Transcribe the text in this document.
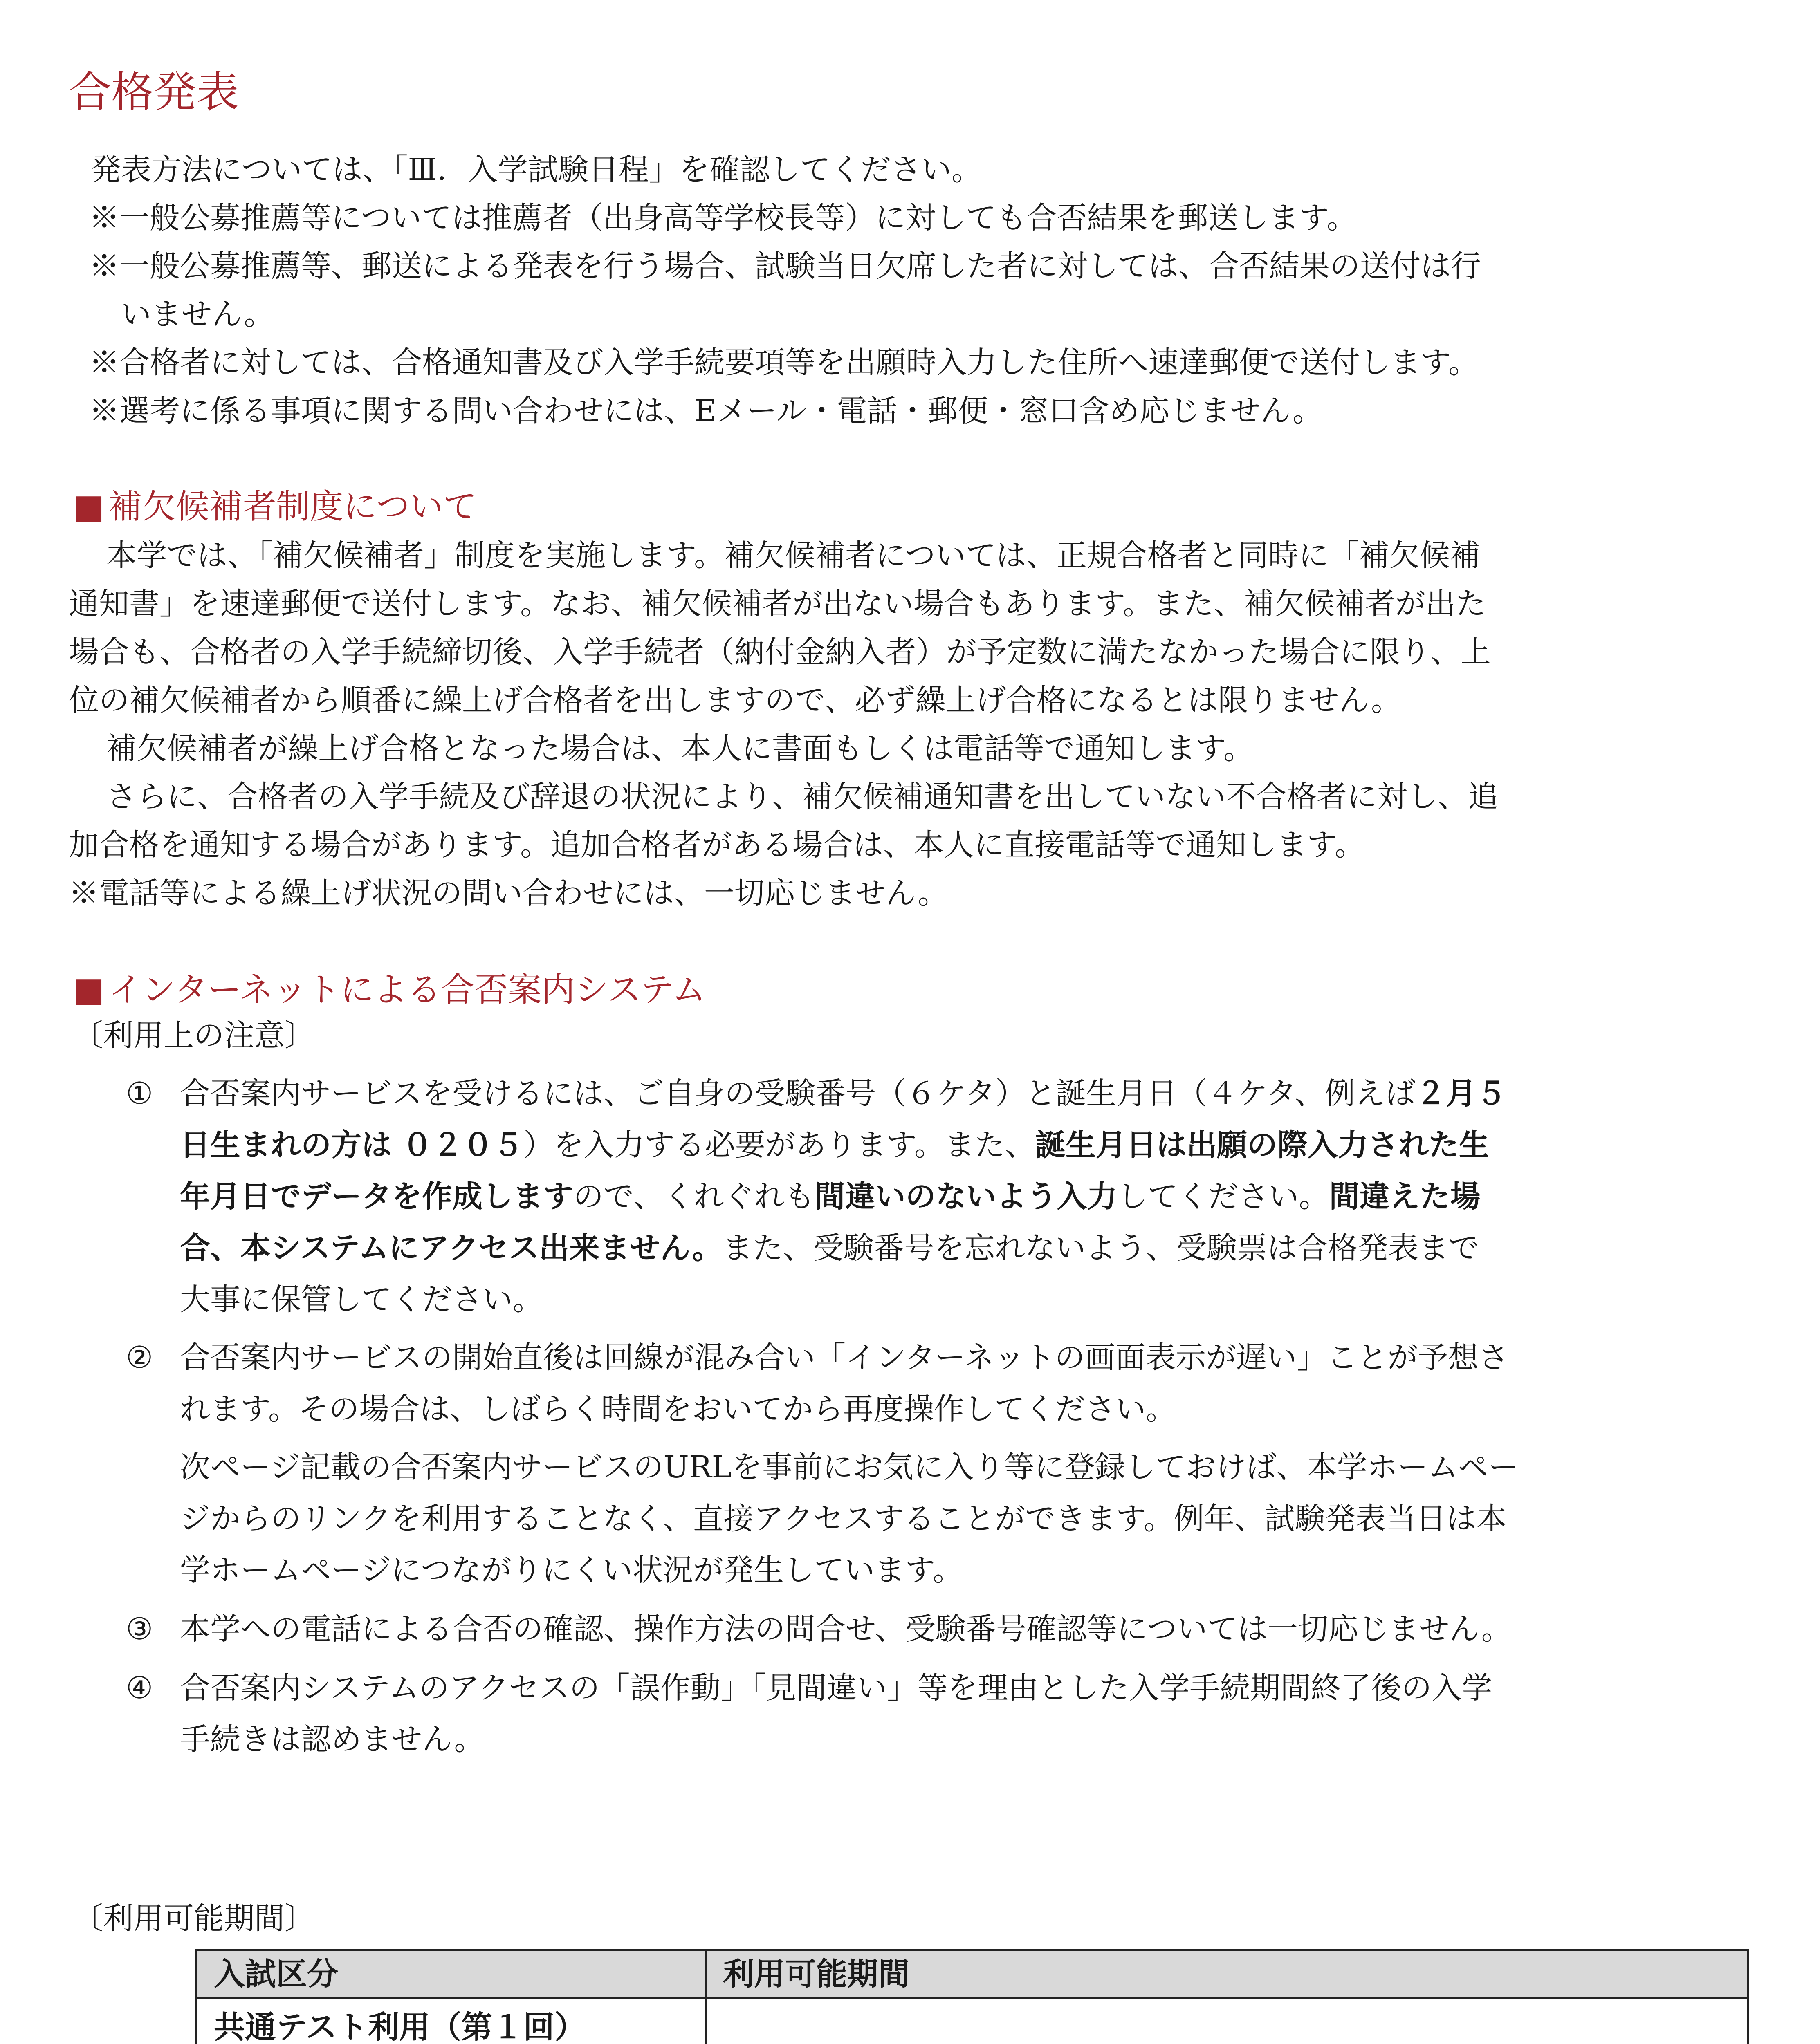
合格発表
発表方法については、「Ⅲ．入学試験日程」を確認してください。
※一般公募推薦等については推薦者（出身高等学校長等）に対しても合否結果を郵送します。
※一般公募推薦等、郵送による発表を行う場合、試験当日欠席した者に対しては、合否結果の送付は行
いません。
※合格者に対しては、合格通知書及び入学手続要項等を出願時入力した住所へ速達郵便で送付します。
※選考に係る事項に関する問い合わせには、Eメール・電話・郵便・窓口含め応じません。
■ 補欠候補者制度について
本学では、「補欠候補者」制度を実施します。補欠候補者については、正規合格者と同時に「補欠候補
通知書」を速達郵便で送付します。なお、補欠候補者が出ない場合もあります。また、補欠候補者が出た
場合も、合格者の入学手続締切後、入学手続者（納付金納入者）が予定数に満たなかった場合に限り、上
位の補欠候補者から順番に繰上げ合格者を出しますので、必ず繰上げ合格になるとは限りません。
補欠候補者が繰上げ合格となった場合は、本人に書面もしくは電話等で通知します。
さらに、合格者の入学手続及び辞退の状況により、補欠候補通知書を出していない不合格者に対し、追
加合格を通知する場合があります。追加合格者がある場合は、本人に直接電話等で通知します。
※電話等による繰上げ状況の問い合わせには、一切応じません。
■ インターネットによる合否案内システム
〔利用上の注意〕
① 合否案内サービスを受けるには、ご自身の受験番号（６ケタ）と誕生月日（４ケタ、例えば２月５
日生まれの方は ０２０５）を入力する必要があります。また、誕生月日は出願の際入力された生
年月日でデータを作成しますので、くれぐれも間違いのないよう入力してください。間違えた場
合、本システムにアクセス出来ません。また、受験番号を忘れないよう、受験票は合格発表まで
大事に保管してください。
② 合否案内サービスの開始直後は回線が混み合い「インターネットの画面表示が遅い」ことが予想さ
れます。その場合は、しばらく時間をおいてから再度操作してください。
次ページ記載の合否案内サービスのURLを事前にお気に入り等に登録しておけば、本学ホームペー
ジからのリンクを利用することなく、直接アクセスすることができます。例年、試験発表当日は本
学ホームページにつながりにくい状況が発生しています。
③ 本学への電話による合否の確認、操作方法の問合せ、受験番号確認等については一切応じません。
④ 合否案内システムのアクセスの「誤作動」「見間違い」等を理由とした入学手続期間終了後の入学
手続きは認めません。
〔利用可能期間〕
入試区分	利用可能期間

共通テスト利用（第１回）
